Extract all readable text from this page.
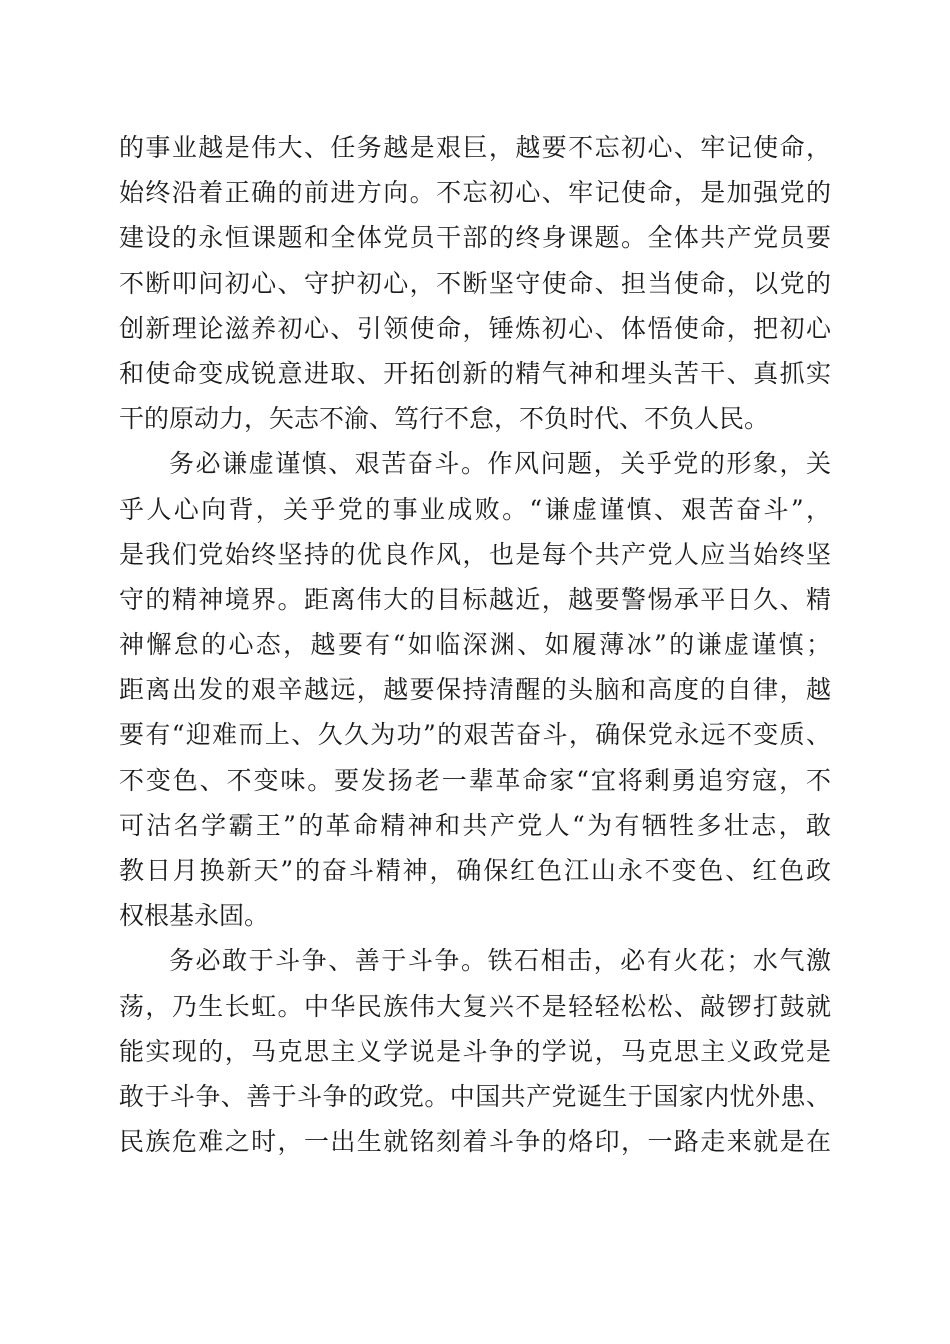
的事业越是伟大、任务越是艰巨，越要不忘初心、牢记使命，
始终沿着正确的前进方向。不忘初心、牢记使命，是加强党的
建设的永恒课题和全体党员干部的终身课题。全体共产党员要
不断叩问初心、守护初心，不断坚守使命、担当使命，以党的
创新理论滋养初心、引领使命，锤炼初心、体悟使命，把初心
和使命变成锐意进取、开拓创新的精气神和埋头苦干、真抓实
干的原动力，矢志不渝、笃行不怠，不负时代、不负人民。
务必谦虚谨慎、艰苦奋斗。作风问题，关乎党的形象，关
乎人心向背，关乎党的事业成败。“谦虚谨慎、艰苦奋斗”，
是我们党始终坚持的优良作风，也是每个共产党人应当始终坚
守的精神境界。距离伟大的目标越近，越要警惕承平日久、精
神懈怠的心态，越要有“如临深渊、如履薄冰”的谦虚谨慎；
距离出发的艰辛越远，越要保持清醒的头脑和高度的自律，越
要有“迎难而上、久久为功”的艰苦奋斗，确保党永远不变质、
不变色、不变味。要发扬老一辈革命家“宜将剩勇追穷寇，不
可沽名学霸王”的革命精神和共产党人“为有牺牲多壮志，敢
教日月换新天”的奋斗精神，确保红色江山永不变色、红色政
权根基永固。
务必敢于斗争、善于斗争。铁石相击，必有火花；水气激
荡，乃生长虹。中华民族伟大复兴不是轻轻松松、敲锣打鼓就
能实现的，马克思主义学说是斗争的学说，马克思主义政党是
敢于斗争、善于斗争的政党。中国共产党诞生于国家内忧外患、
民族危难之时，一出生就铭刻着斗争的烙印，一路走来就是在
